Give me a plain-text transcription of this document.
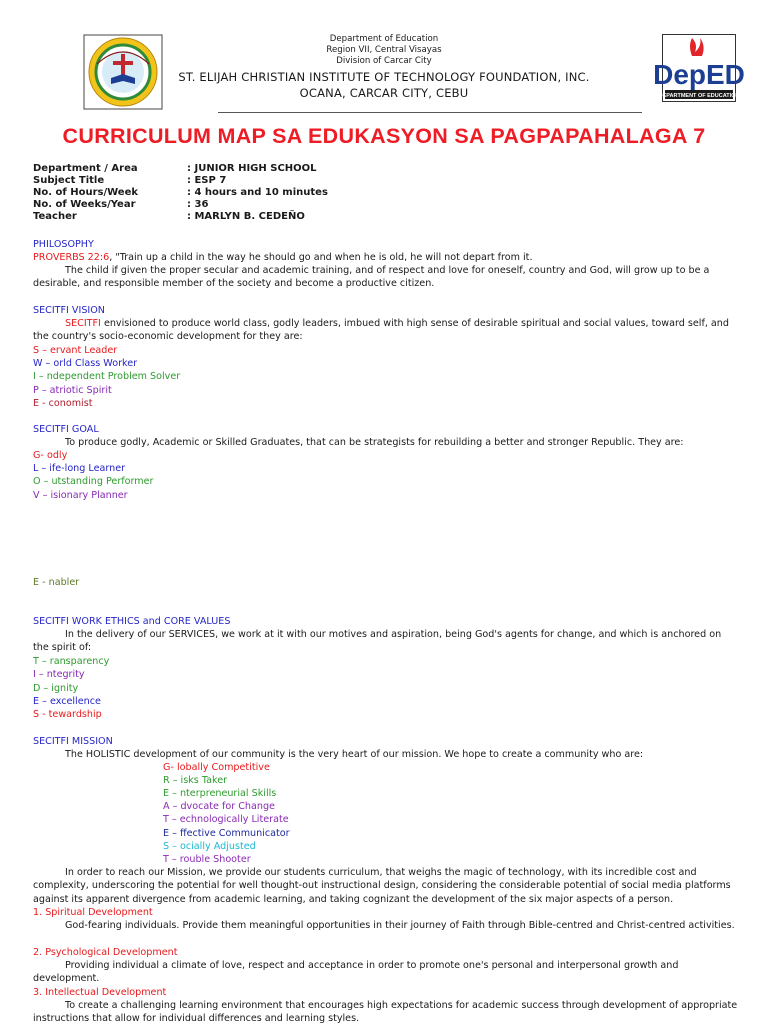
Department of Education
Region VII, Central Visayas
Division of Carcar City
ST. ELIJAH CHRISTIAN INSTITUTE OF TECHNOLOGY FOUNDATION, INC.
OCANA, CARCAR CITY, CEBU
DepED
DEPARTMENT OF EDUCATION
CURRICULUM MAP SA EDUKASYON SA PAGPAPAHALAGA 7
Department / Area	: JUNIOR HIGH SCHOOL
Subject Title	: ESP 7
No. of Hours/Week	: 4 hours and 10 minutes
No. of Weeks/Year	: 36
Teacher	: MARLYN B. CEDEÑO
PHILOSOPHY
PROVERBS 22:6, "Train up a child in the way he should go and when he is old, he will not depart from it.
The child if given the proper secular and academic training, and of respect and love for oneself, country and God, will grow up to be a desirable, and responsible member of the society and become a productive citizen.
SECITFI VISION
SECITFI envisioned to produce world class, godly leaders, imbued with high sense of desirable spiritual and social values, toward self, and the country's socio-economic development for they are:
S – ervant Leader
W – orld Class Worker
I – ndependent Problem Solver
P – atriotic Spirit
E - conomist
SECITFI GOAL
To produce godly, Academic or Skilled Graduates, that can be strategists for rebuilding a better and stronger Republic. They are:
G- odly
L – ife-long Learner
O – utstanding Performer
V – isionary Planner
E - nabler
SECITFI WORK ETHICS and CORE VALUES
In the delivery of our SERVICES, we work at it with our motives and aspiration, being God's agents for change, and which is anchored on the spirit of:
T – ransparency
I – ntegrity
D – ignity
E – excellence
S - tewardship
SECITFI MISSION
The HOLISTIC development of our community is the very heart of our mission. We hope to create a community who are:
G- lobally Competitive
R – isks Taker
E – nterpreneurial Skills
A – dvocate for Change
T – echnologically Literate
E – ffective Communicator
S – ocially Adjusted
T – rouble Shooter
In order to reach our Mission, we provide our students curriculum, that weighs the magic of technology, with its incredible cost and complexity, underscoring the potential for well thought-out instructional design, considering the considerable potential of social media platforms against its apparent divergence from academic learning, and taking cognizant the development of the six major aspects of a person.
1. Spiritual Development
God-fearing individuals. Provide them meaningful opportunities in their journey of Faith through Bible-centred and Christ-centred activities.
2. Psychological Development
Providing individual a climate of love, respect and acceptance in order to promote one's personal and interpersonal growth and development.
3. Intellectual Development
To create a challenging learning environment that encourages high expectations for academic success through development of appropriate instructions that allow for individual differences and learning styles.
